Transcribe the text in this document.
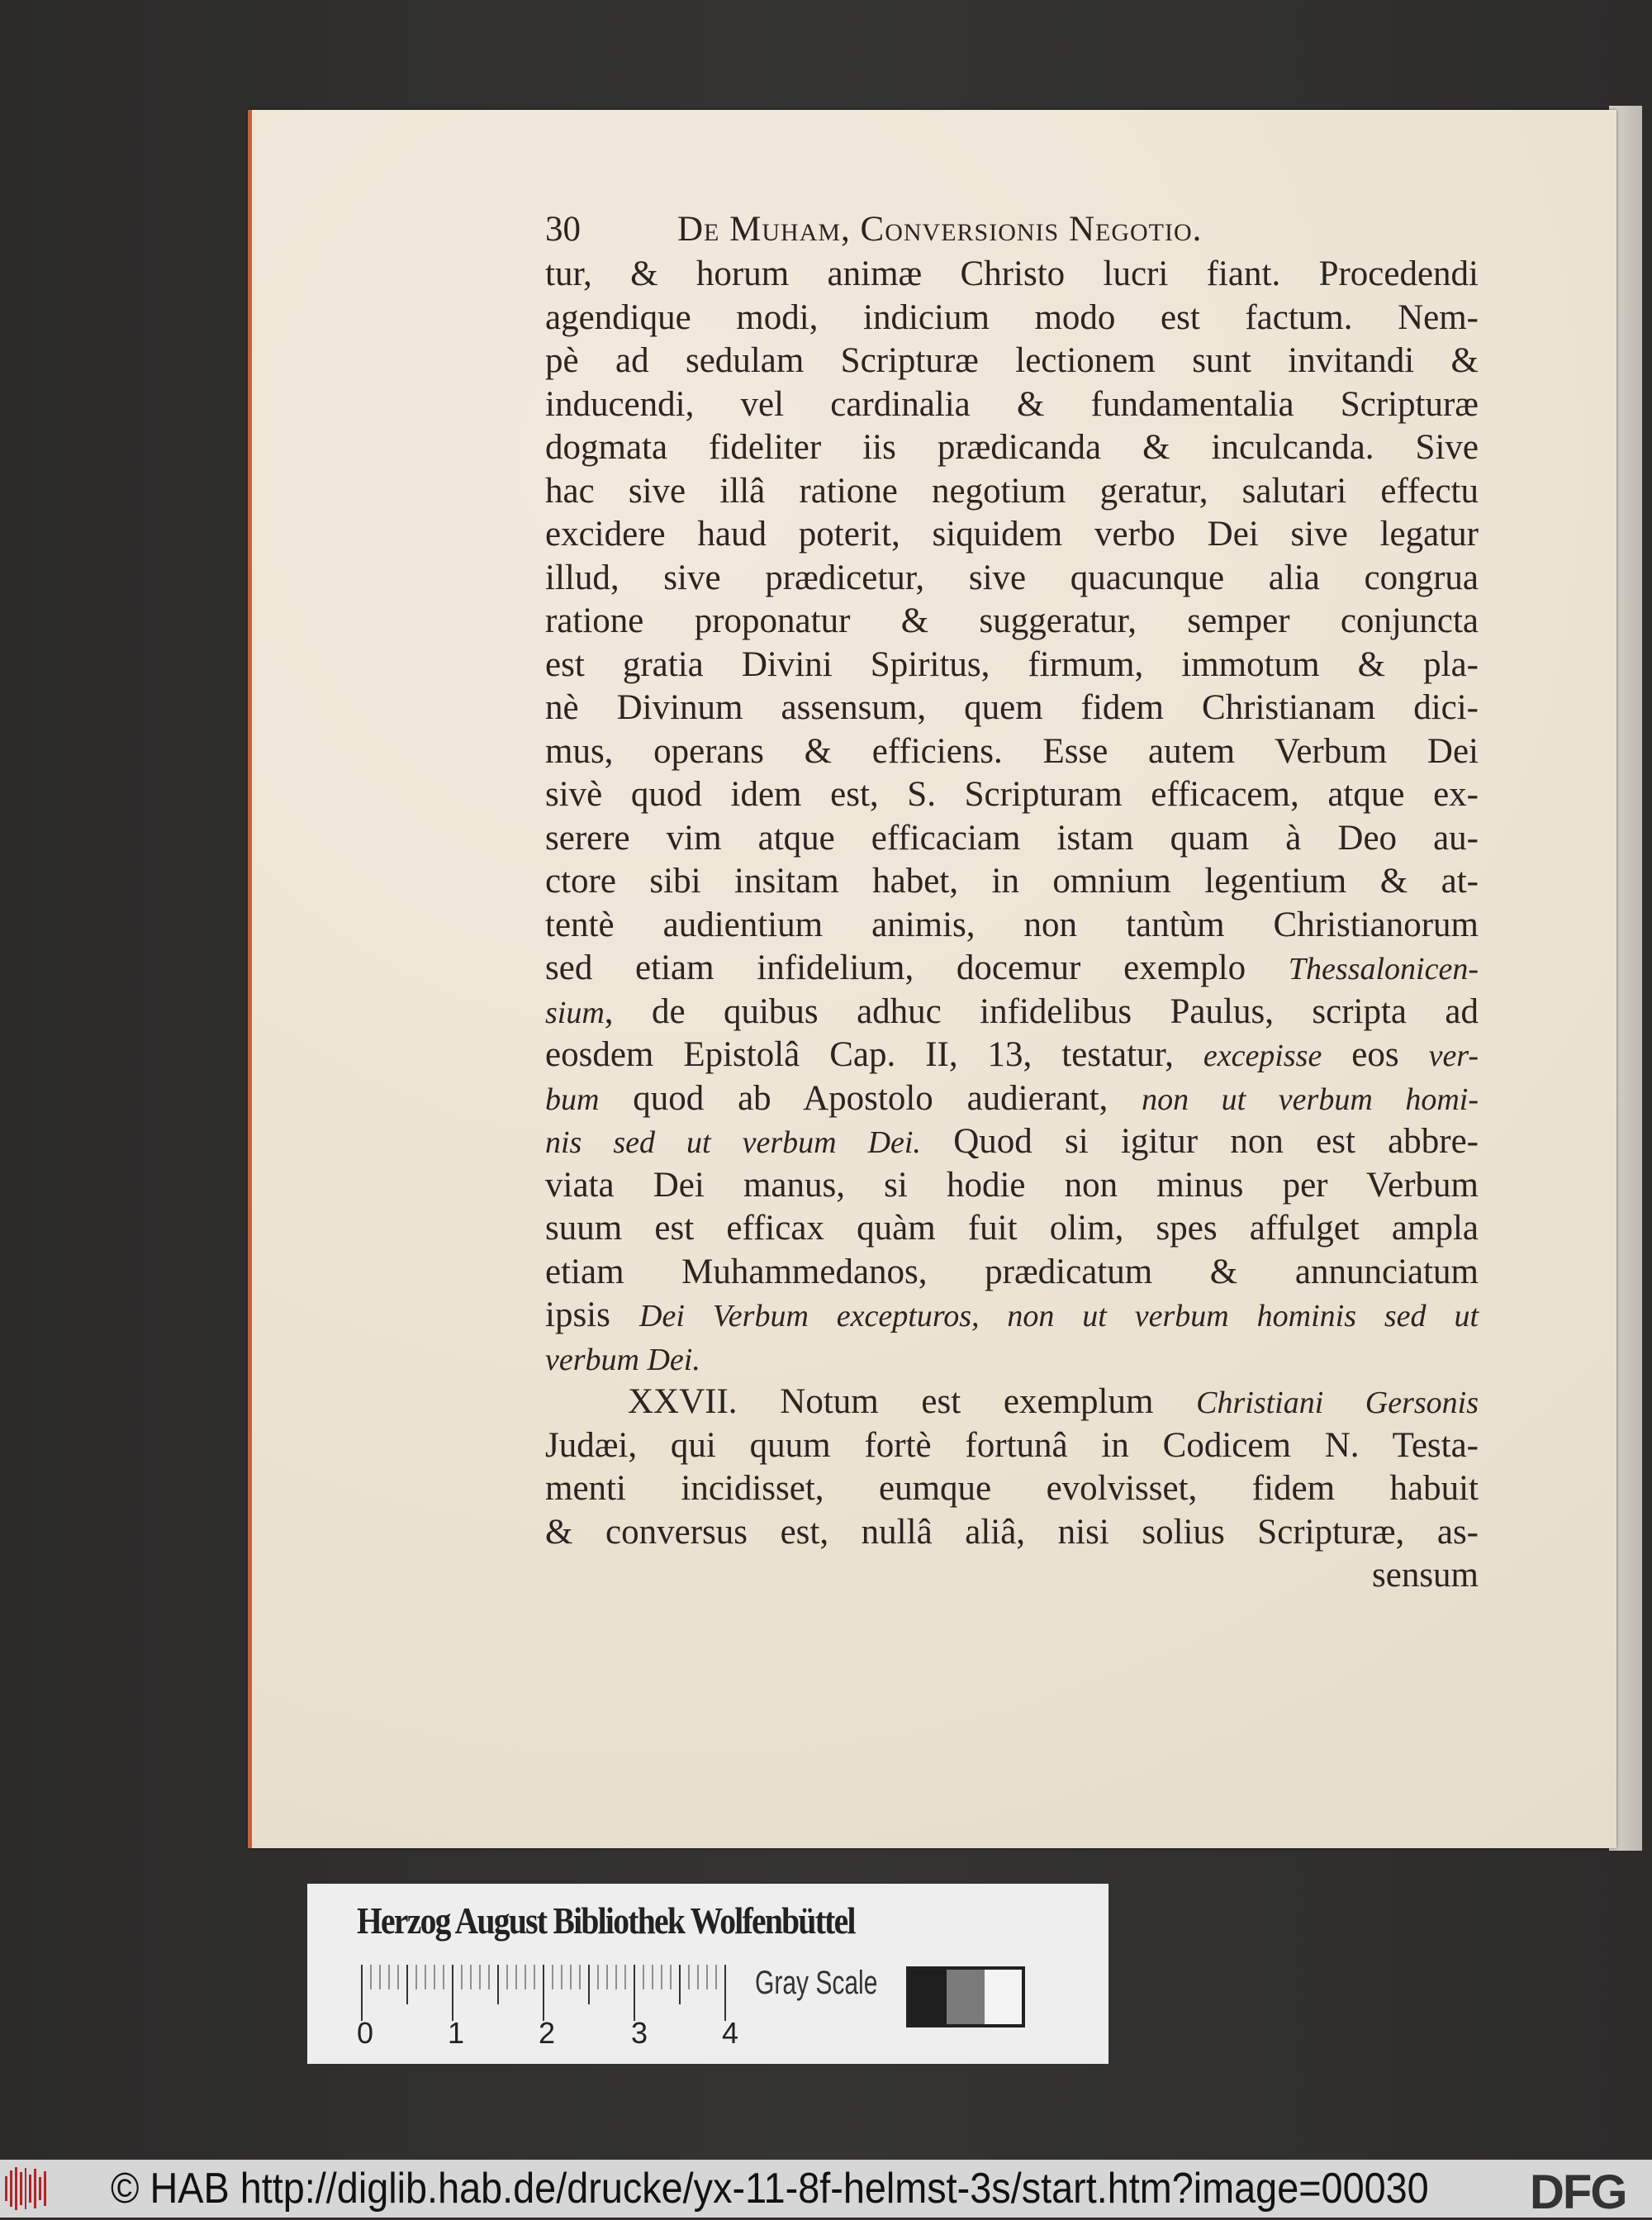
30	De Muham, Conversionis Negotio.
tur, & horum animæ Christo lucri fiant. Procedendi
agendique modi, indicium modo est factum. Nem-
pè ad sedulam Scripturæ lectionem sunt invitandi &
inducendi, vel cardinalia & fundamentalia Scripturæ
dogmata fideliter iis prædicanda & inculcanda. Sive
hac sive illâ ratione negotium geratur, salutari effectu
excidere haud poterit, siquidem verbo Dei sive legatur
illud, sive prædicetur, sive quacunque alia congrua
ratione proponatur & suggeratur, semper conjuncta
est gratia Divini Spiritus, firmum, immotum & pla-
nè Divinum assensum, quem fidem Christianam dici-
mus, operans & efficiens. Esse autem Verbum Dei
sivè quod idem est, S. Scripturam efficacem, atque ex-
serere vim atque efficaciam istam quam à Deo au-
ctore sibi insitam habet, in omnium legentium & at-
tentè audientium animis, non tantùm Christianorum
sed etiam infidelium, docemur exemplo Thessalonicen-
sium, de quibus adhuc infidelibus Paulus, scripta ad
eosdem Epistolâ Cap. II, 13, testatur, excepisse eos ver-
bum quod ab Apostolo audierant, non ut verbum homi-
nis sed ut verbum Dei. Quod si igitur non est abbre-
viata Dei manus, si hodie non minus per Verbum
suum est efficax quàm fuit olim, spes affulget ampla
etiam Muhammedanos, prædicatum & annunciatum
ipsis Dei Verbum excepturos, non ut verbum hominis sed ut
verbum Dei.
XXVII. Notum est exemplum Christiani Gersonis
Judæi, qui quum fortè fortunâ in Codicem N. Testa-
menti incidisset, eumque evolvisset, fidem habuit
& conversus est, nullâ aliâ, nisi solius Scripturæ, as-
sensum
Herzog August Bibliothek Wolfenbüttel
0 1 2	3 4
Gray Scale
© HAB http://diglib.hab.de/drucke/yx-11-8f-helmst-3s/start.htm?image=00030 DFG
